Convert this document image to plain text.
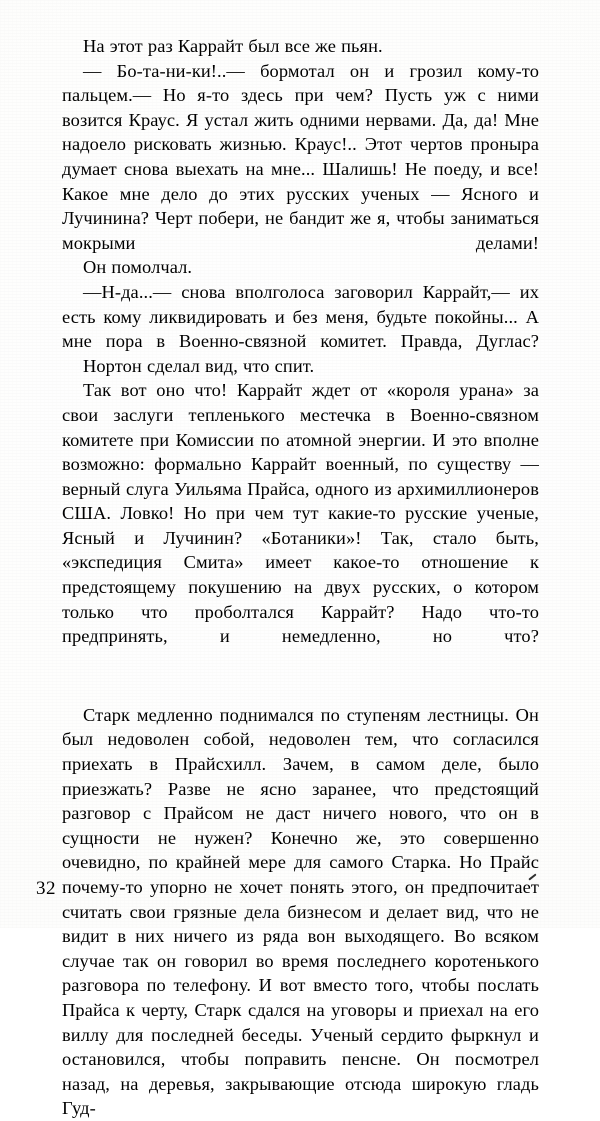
На этот раз Каррайт был все же пьян.

— Бо-та-ни-ки!..— бормотал он и грозил кому-то пальцем.— Но я-то здесь при чем? Пусть уж с ними возится Краус. Я устал жить одними нервами. Да, да! Мне надоело рисковать жизнью. Краус!.. Этот чертов проныра думает снова выехать на мне... Шалишь! Не поеду, и все! Какое мне дело до этих русских ученых — Ясного и Лучинина? Черт побери, не бандит же я, чтобы заниматься мокрыми делами!

Он помолчал.

—Н-да...— снова вполголоса заговорил Каррайт,— их есть кому ликвидировать и без меня, будьте покойны... А мне пора в Военно-связной комитет. Правда, Дуглас?

Нортон сделал вид, что спит.

Так вот оно что! Каррайт ждет от «короля урана» за свои заслуги тепленького местечка в Военно-связном комитете при Комиссии по атомной энергии. И это вполне возможно: формально Каррайт военный, по существу — верный слуга Уильяма Прайса, одного из архимиллионеров США. Ловко! Но при чем тут какие-то русские ученые, Ясный и Лучинин? «Ботаники»! Так, стало быть, «экспедиция Смита» имеет какое-то отношение к предстоящему покушению на двух русских, о котором только что проболтался Каррайт? Надо что-то предпринять, и немедленно, но что?

Старк медленно поднимался по ступеням лестницы. Он был недоволен собой, недоволен тем, что согласился приехать в Прайсхилл. Зачем, в самом деле, было приезжать? Разве не ясно заранее, что предстоящий разговор с Прайсом не даст ничего нового, что он в сущности не нужен? Конечно же, это совершенно очевидно, по крайней мере для самого Старка. Но Прайс почему-то упорно не хочет понять этого, он предпочитает считать свои грязные дела бизнесом и делает вид, что не видит в них ничего из ряда вон выходящего. Во всяком случае так он говорил во время последнего коротенького разговора по телефону. И вот вместо того, чтобы послать Прайса к черту, Старк сдался на уговоры и приехал на его виллу для последней беседы. Ученый сердито фыркнул и остановился, чтобы поправить пенсне. Он посмотрел назад, на деревья, закрывающие отсюда широкую гладь Гуд-

32
